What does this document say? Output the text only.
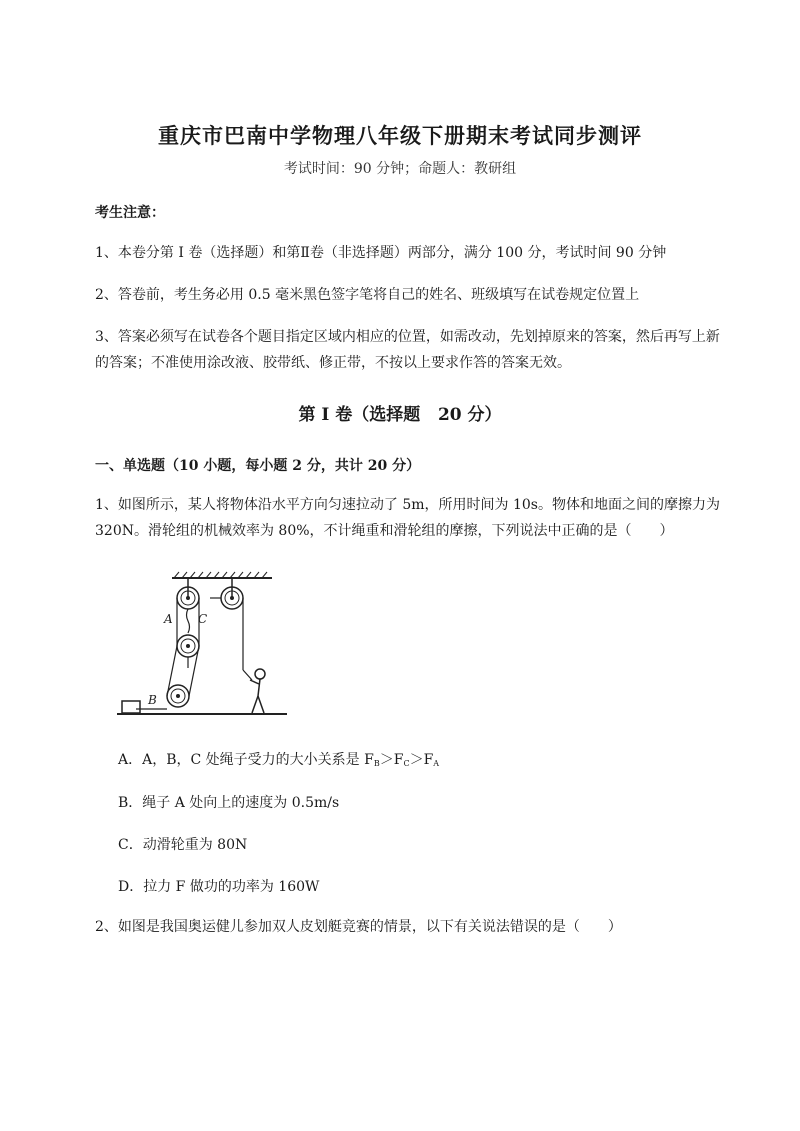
重庆市巴南中学物理八年级下册期末考试同步测评
考试时间：90 分钟；命题人：教研组
考生注意：
1、本卷分第 I 卷（选择题）和第Ⅱ卷（非选择题）两部分，满分 100 分，考试时间 90 分钟
2、答卷前，考生务必用 0.5 毫米黑色签字笔将自己的姓名、班级填写在试卷规定位置上
3、答案必须写在试卷各个题目指定区域内相应的位置，如需改动，先划掉原来的答案，然后再写上新的答案；不准使用涂改液、胶带纸、修正带，不按以上要求作答的答案无效。
第 I 卷（选择题   20 分）
一、单选题（10 小题，每小题 2 分，共计 20 分）
1、如图所示，某人将物体沿水平方向匀速拉动了 5m，所用时间为 10s。物体和地面之间的摩擦力为 320N。滑轮组的机械效率为 80%，不计绳重和滑轮组的摩擦，下列说法中正确的是（　　）
A C
B
A．A，B，C 处绳子受力的大小关系是 $F_B>F_C>F_A$
B．绳子 A 处向上的速度为 0.5m/s
C．动滑轮重为 80N
D．拉力 F 做功的功率为 160W
2、如图是我国奥运健儿参加双人皮划艇竞赛的情景，以下有关说法错误的是（　　）
